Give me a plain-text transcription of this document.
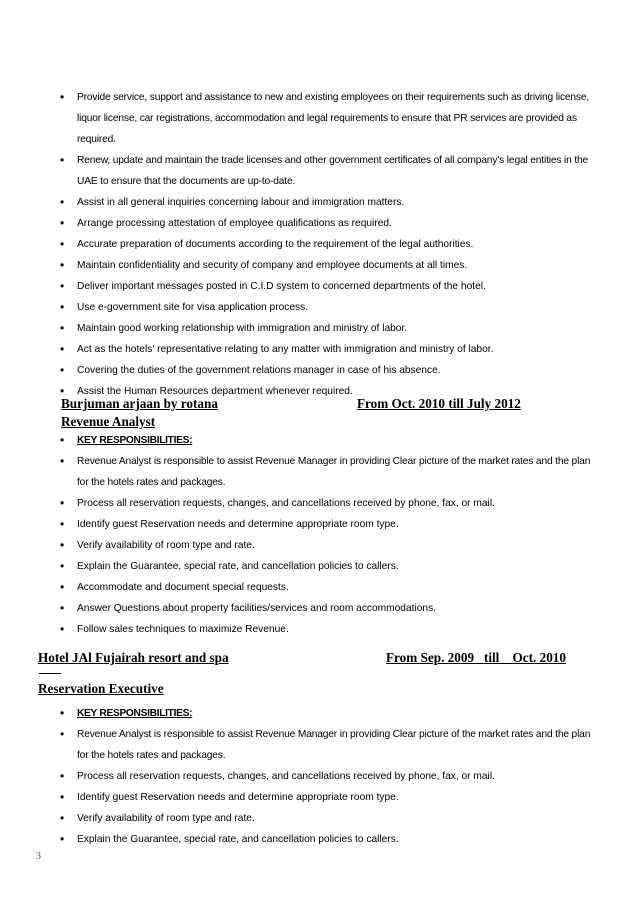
• Provide service, support and assistance to new and existing employees on their requirements such as driving license, liquor license, car registrations, accommodation and legal requirements to ensure that PR services are provided as required.
• Renew, update and maintain the trade licenses and other government certificates of all company’s legal entities in the UAE to ensure that the documents are up-to-date.
• Assist in all general inquiries concerning labour and immigration matters.
• Arrange processing attestation of employee qualifications as required.
• Accurate preparation of documents according to the requirement of the legal authorities.
• Maintain confidentiality and security of company and employee documents at all times.
• Deliver important messages posted in C.I.D system to concerned departments of the hotel.
• Use e-government site for visa application process.
• Maintain good working relationship with immigration and ministry of labor.
• Act as the hotels' representative relating to any matter with immigration and ministry of labor.
• Covering the duties of the government relations manager in case of his absence.
• Assist the Human Resources department whenever required.
Burjuman arjaan by rotana	From Oct. 2010 till July 2012
Revenue Analyst
• KEY RESPONSIBILITIES:
• Revenue Analyst is responsible to assist Revenue Manager in providing Clear picture of the market rates and the plan for the hotels rates and packages.
• Process all reservation requests, changes, and cancellations received by phone, fax, or mail.
• Identify guest Reservation needs and determine appropriate room type.
• Verify availability of room type and rate.
• Explain the Guarantee, special rate, and cancellation policies to callers.
• Accommodate and document special requests.
• Answer Questions about property facilities/services and room accommodations.
• Follow sales techniques to maximize Revenue.
Hotel JAl Fujairah resort and spa	From Sep. 2009   till    Oct. 2010
Reservation Executive
• KEY RESPONSIBILITIES:
• Revenue Analyst is responsible to assist Revenue Manager in providing Clear picture of the market rates and the plan for the hotels rates and packages.
• Process all reservation requests, changes, and cancellations received by phone, fax, or mail.
• Identify guest Reservation needs and determine appropriate room type.
• Verify availability of room type and rate.
• Explain the Guarantee, special rate, and cancellation policies to callers.
3
